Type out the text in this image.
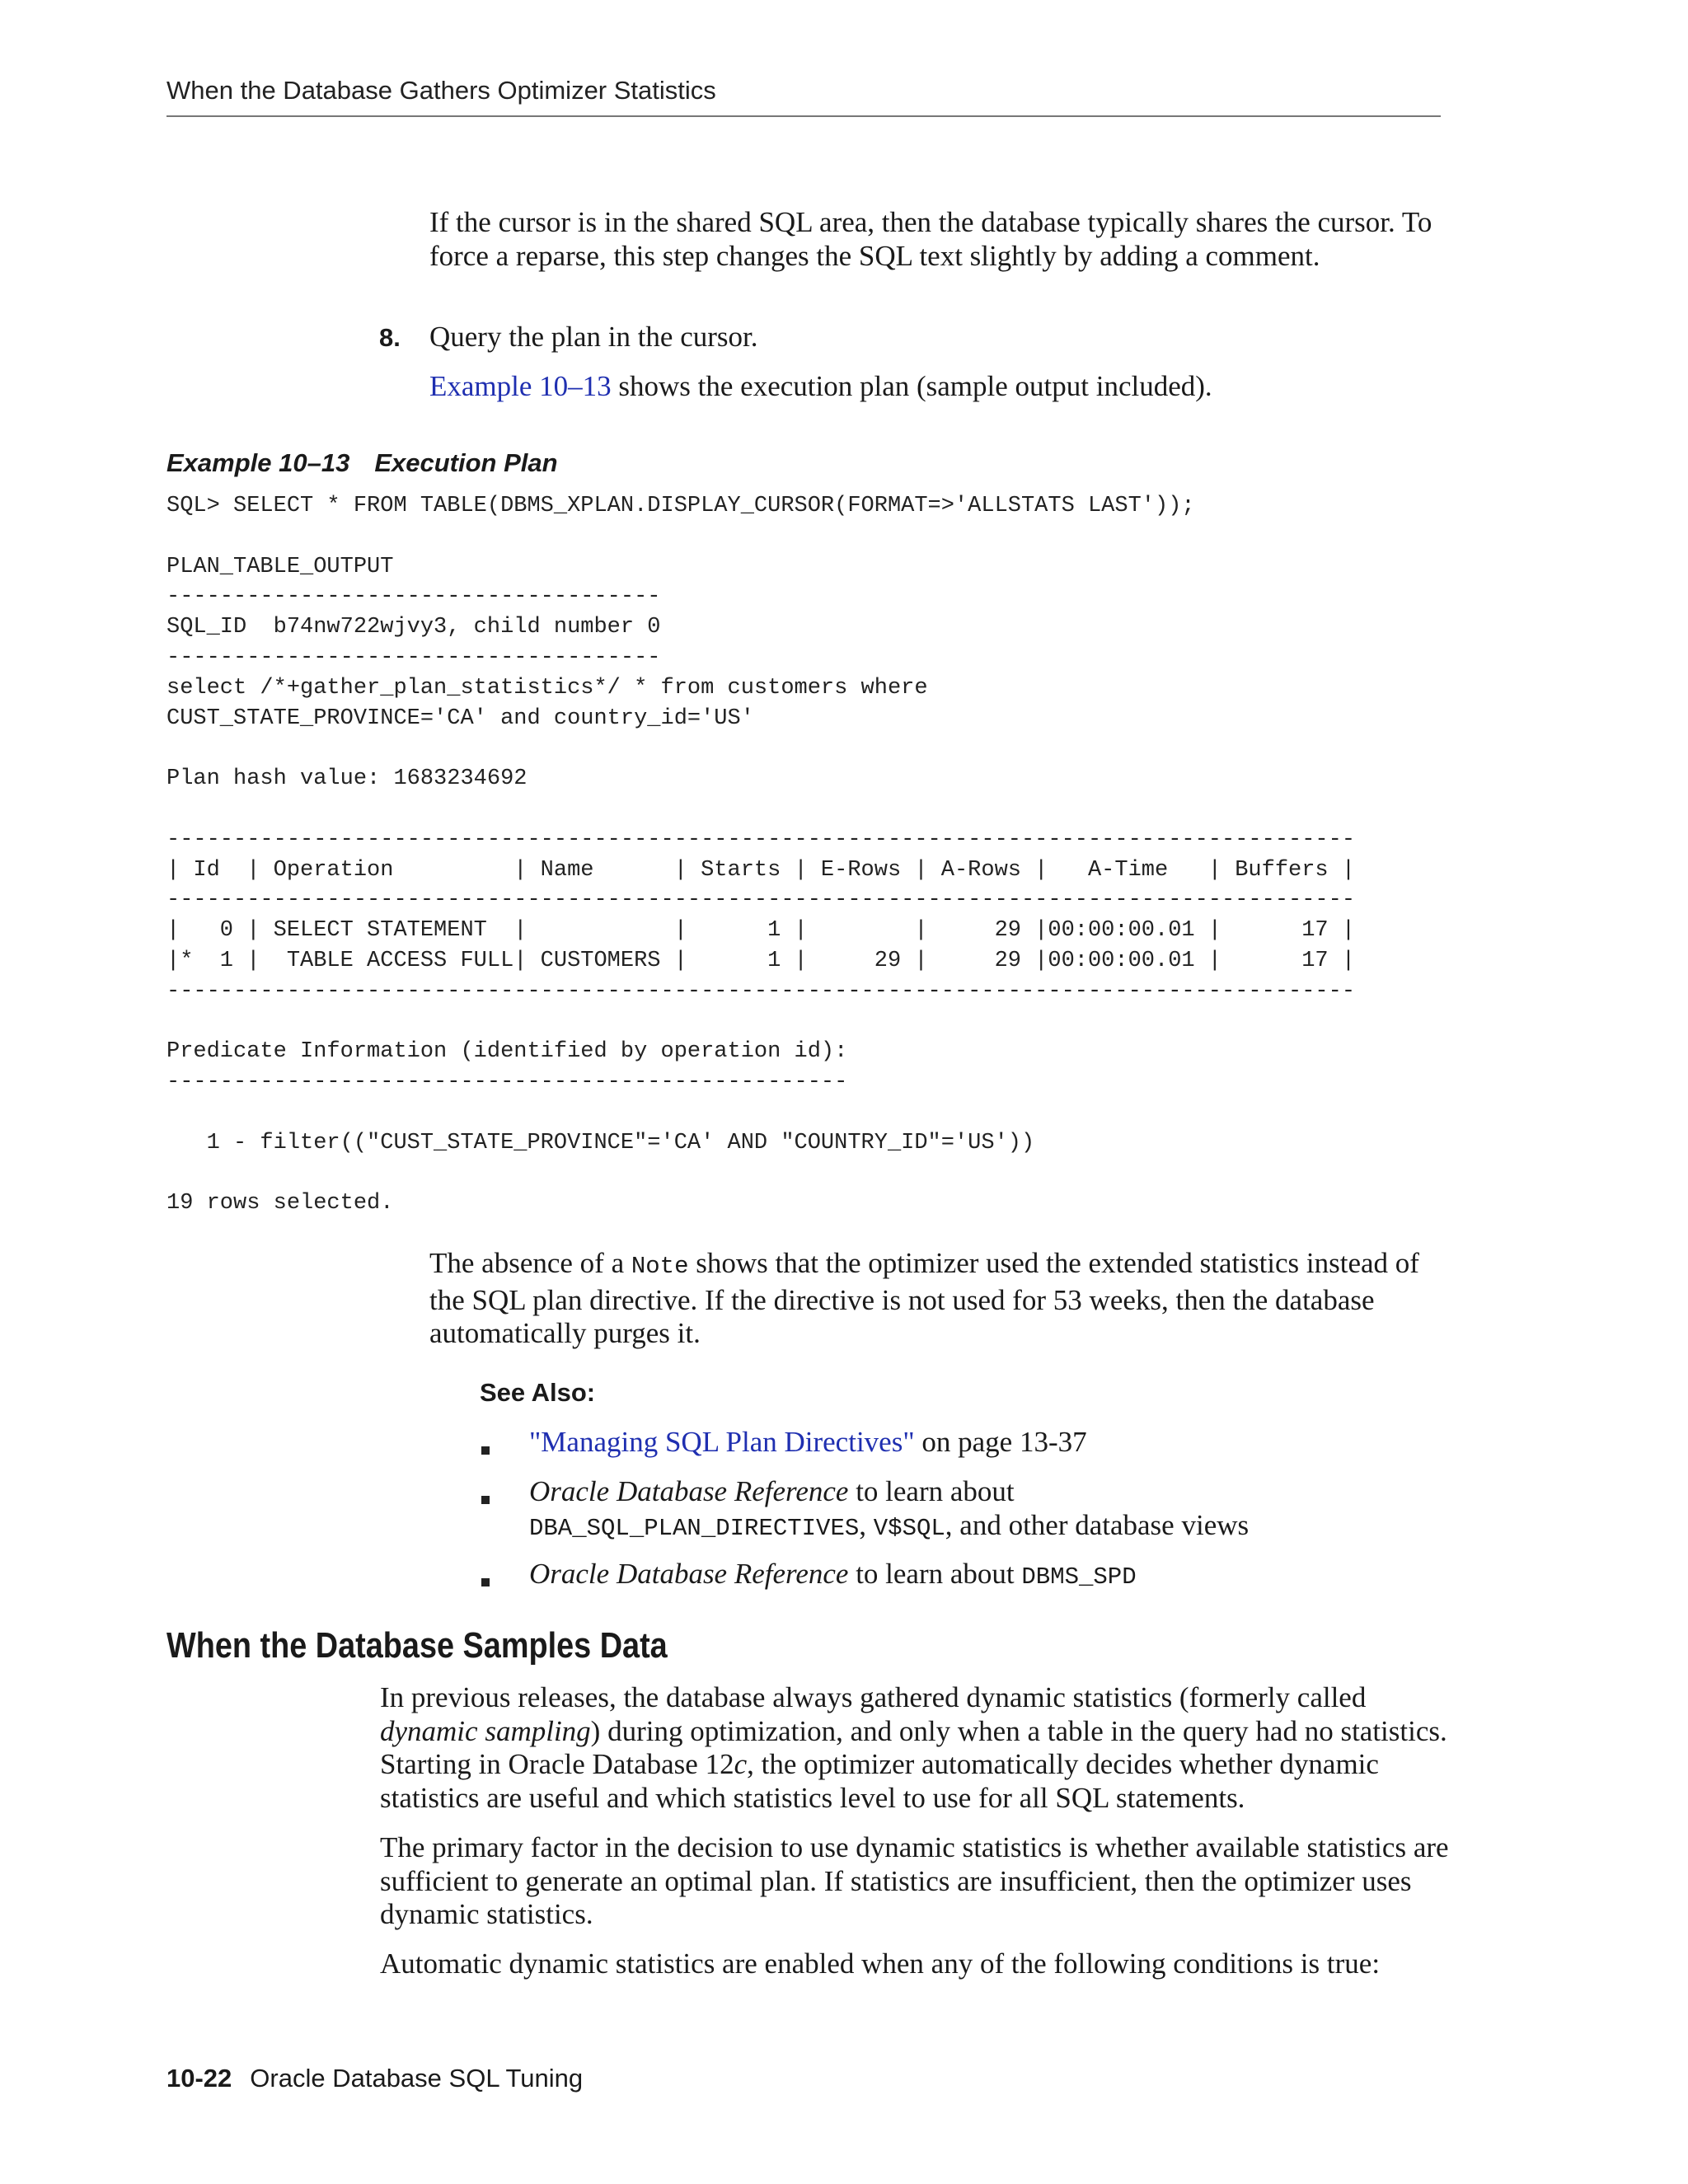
When the Database Gathers Optimizer Statistics
If the cursor is in the shared SQL area, then the database typically shares the cursor. To force a reparse, this step changes the SQL text slightly by adding a comment.
8. Query the plan in the cursor.
Example 10–13 shows the execution plan (sample output included).
Example 10–13 Execution Plan
SQL> SELECT * FROM TABLE(DBMS_XPLAN.DISPLAY_CURSOR(FORMAT=>'ALLSTATS LAST'));

PLAN_TABLE_OUTPUT
-------------------------------------
SQL_ID  b74nw722wjvy3, child number 0
-------------------------------------
select /*+gather_plan_statistics*/ * from customers where
CUST_STATE_PROVINCE='CA' and country_id='US'

Plan hash value: 1683234692

-----------------------------------------------------------------------------------------
| Id  | Operation         | Name      | Starts | E-Rows | A-Rows |   A-Time   | Buffers |
-----------------------------------------------------------------------------------------
|   0 | SELECT STATEMENT  |           |      1 |        |     29 |00:00:00.01 |      17 |
|*  1 |  TABLE ACCESS FULL| CUSTOMERS |      1 |     29 |     29 |00:00:00.01 |      17 |
-----------------------------------------------------------------------------------------

Predicate Information (identified by operation id):
---------------------------------------------------

1 - filter(("CUST_STATE_PROVINCE"='CA' AND "COUNTRY_ID"='US'))

19 rows selected.
The absence of a Note shows that the optimizer used the extended statistics instead of the SQL plan directive. If the directive is not used for 53 weeks, then the database automatically purges it.
See Also:
"Managing SQL Plan Directives" on page 13-37
Oracle Database Reference to learn about
DBA_SQL_PLAN_DIRECTIVES, V$SQL, and other database views
Oracle Database Reference to learn about DBMS_SPD
When the Database Samples Data
In previous releases, the database always gathered dynamic statistics (formerly called dynamic sampling) during optimization, and only when a table in the query had no statistics. Starting in Oracle Database 12c, the optimizer automatically decides whether dynamic statistics are useful and which statistics level to use for all SQL statements.
The primary factor in the decision to use dynamic statistics is whether available statistics are sufficient to generate an optimal plan. If statistics are insufficient, then the optimizer uses dynamic statistics.
Automatic dynamic statistics are enabled when any of the following conditions is true:
10-22 Oracle Database SQL Tuning
